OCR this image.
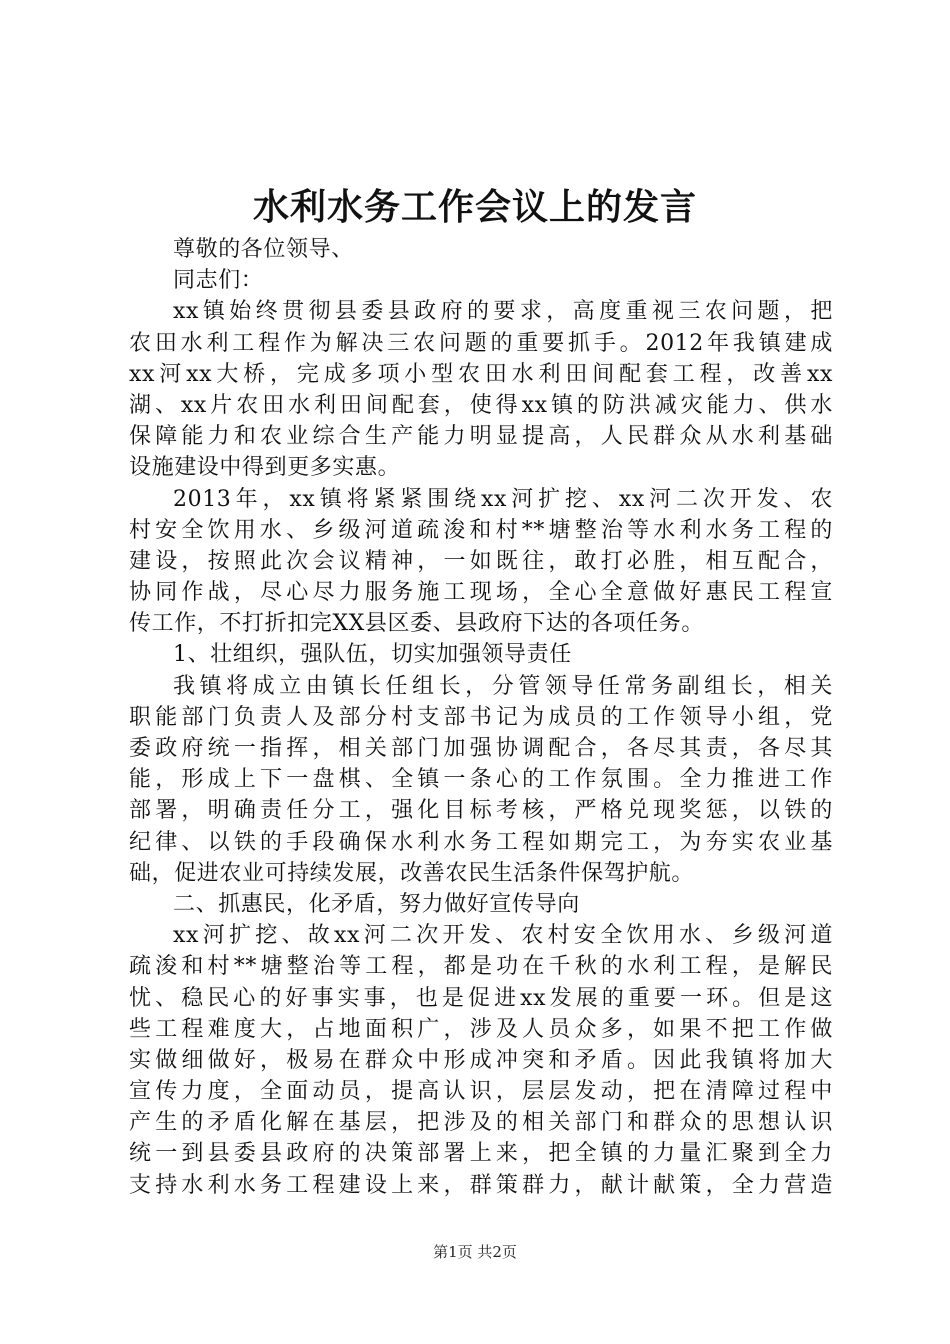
水利水务工作会议上的发言
尊敬的各位领导、
同志们：
xx镇始终贯彻县委县政府的要求，高度重视三农问题，把
农田水利工程作为解决三农问题的重要抓手。2012年我镇建成
xx河xx大桥，完成多项小型农田水利田间配套工程，改善xx
湖、xx片农田水利田间配套，使得xx镇的防洪减灾能力、供水
保障能力和农业综合生产能力明显提高，人民群众从水利基础
设施建设中得到更多实惠。
2013年，xx镇将紧紧围绕xx河扩挖、xx河二次开发、农
村安全饮用水、乡级河道疏浚和村**塘整治等水利水务工程的
建设，按照此次会议精神，一如既往，敢打必胜，相互配合，
协同作战，尽心尽力服务施工现场，全心全意做好惠民工程宣
传工作，不打折扣完XX县区委、县政府下达的各项任务。
1、壮组织，强队伍，切实加强领导责任
我镇将成立由镇长任组长，分管领导任常务副组长，相关
职能部门负责人及部分村支部书记为成员的工作领导小组，党
委政府统一指挥，相关部门加强协调配合，各尽其责，各尽其
能，形成上下一盘棋、全镇一条心的工作氛围。全力推进工作
部署，明确责任分工，强化目标考核，严格兑现奖惩，以铁的
纪律、以铁的手段确保水利水务工程如期完工，为夯实农业基
础，促进农业可持续发展，改善农民生活条件保驾护航。
二、抓惠民，化矛盾，努力做好宣传导向
xx河扩挖、故xx河二次开发、农村安全饮用水、乡级河道
疏浚和村**塘整治等工程，都是功在千秋的水利工程，是解民
忧、稳民心的好事实事，也是促进xx发展的重要一环。但是这
些工程难度大，占地面积广，涉及人员众多，如果不把工作做
实做细做好，极易在群众中形成冲突和矛盾。因此我镇将加大
宣传力度，全面动员，提高认识，层层发动，把在清障过程中
产生的矛盾化解在基层，把涉及的相关部门和群众的思想认识
统一到县委县政府的决策部署上来，把全镇的力量汇聚到全力
支持水利水务工程建设上来，群策群力，献计献策，全力营造
第1页 共2页
